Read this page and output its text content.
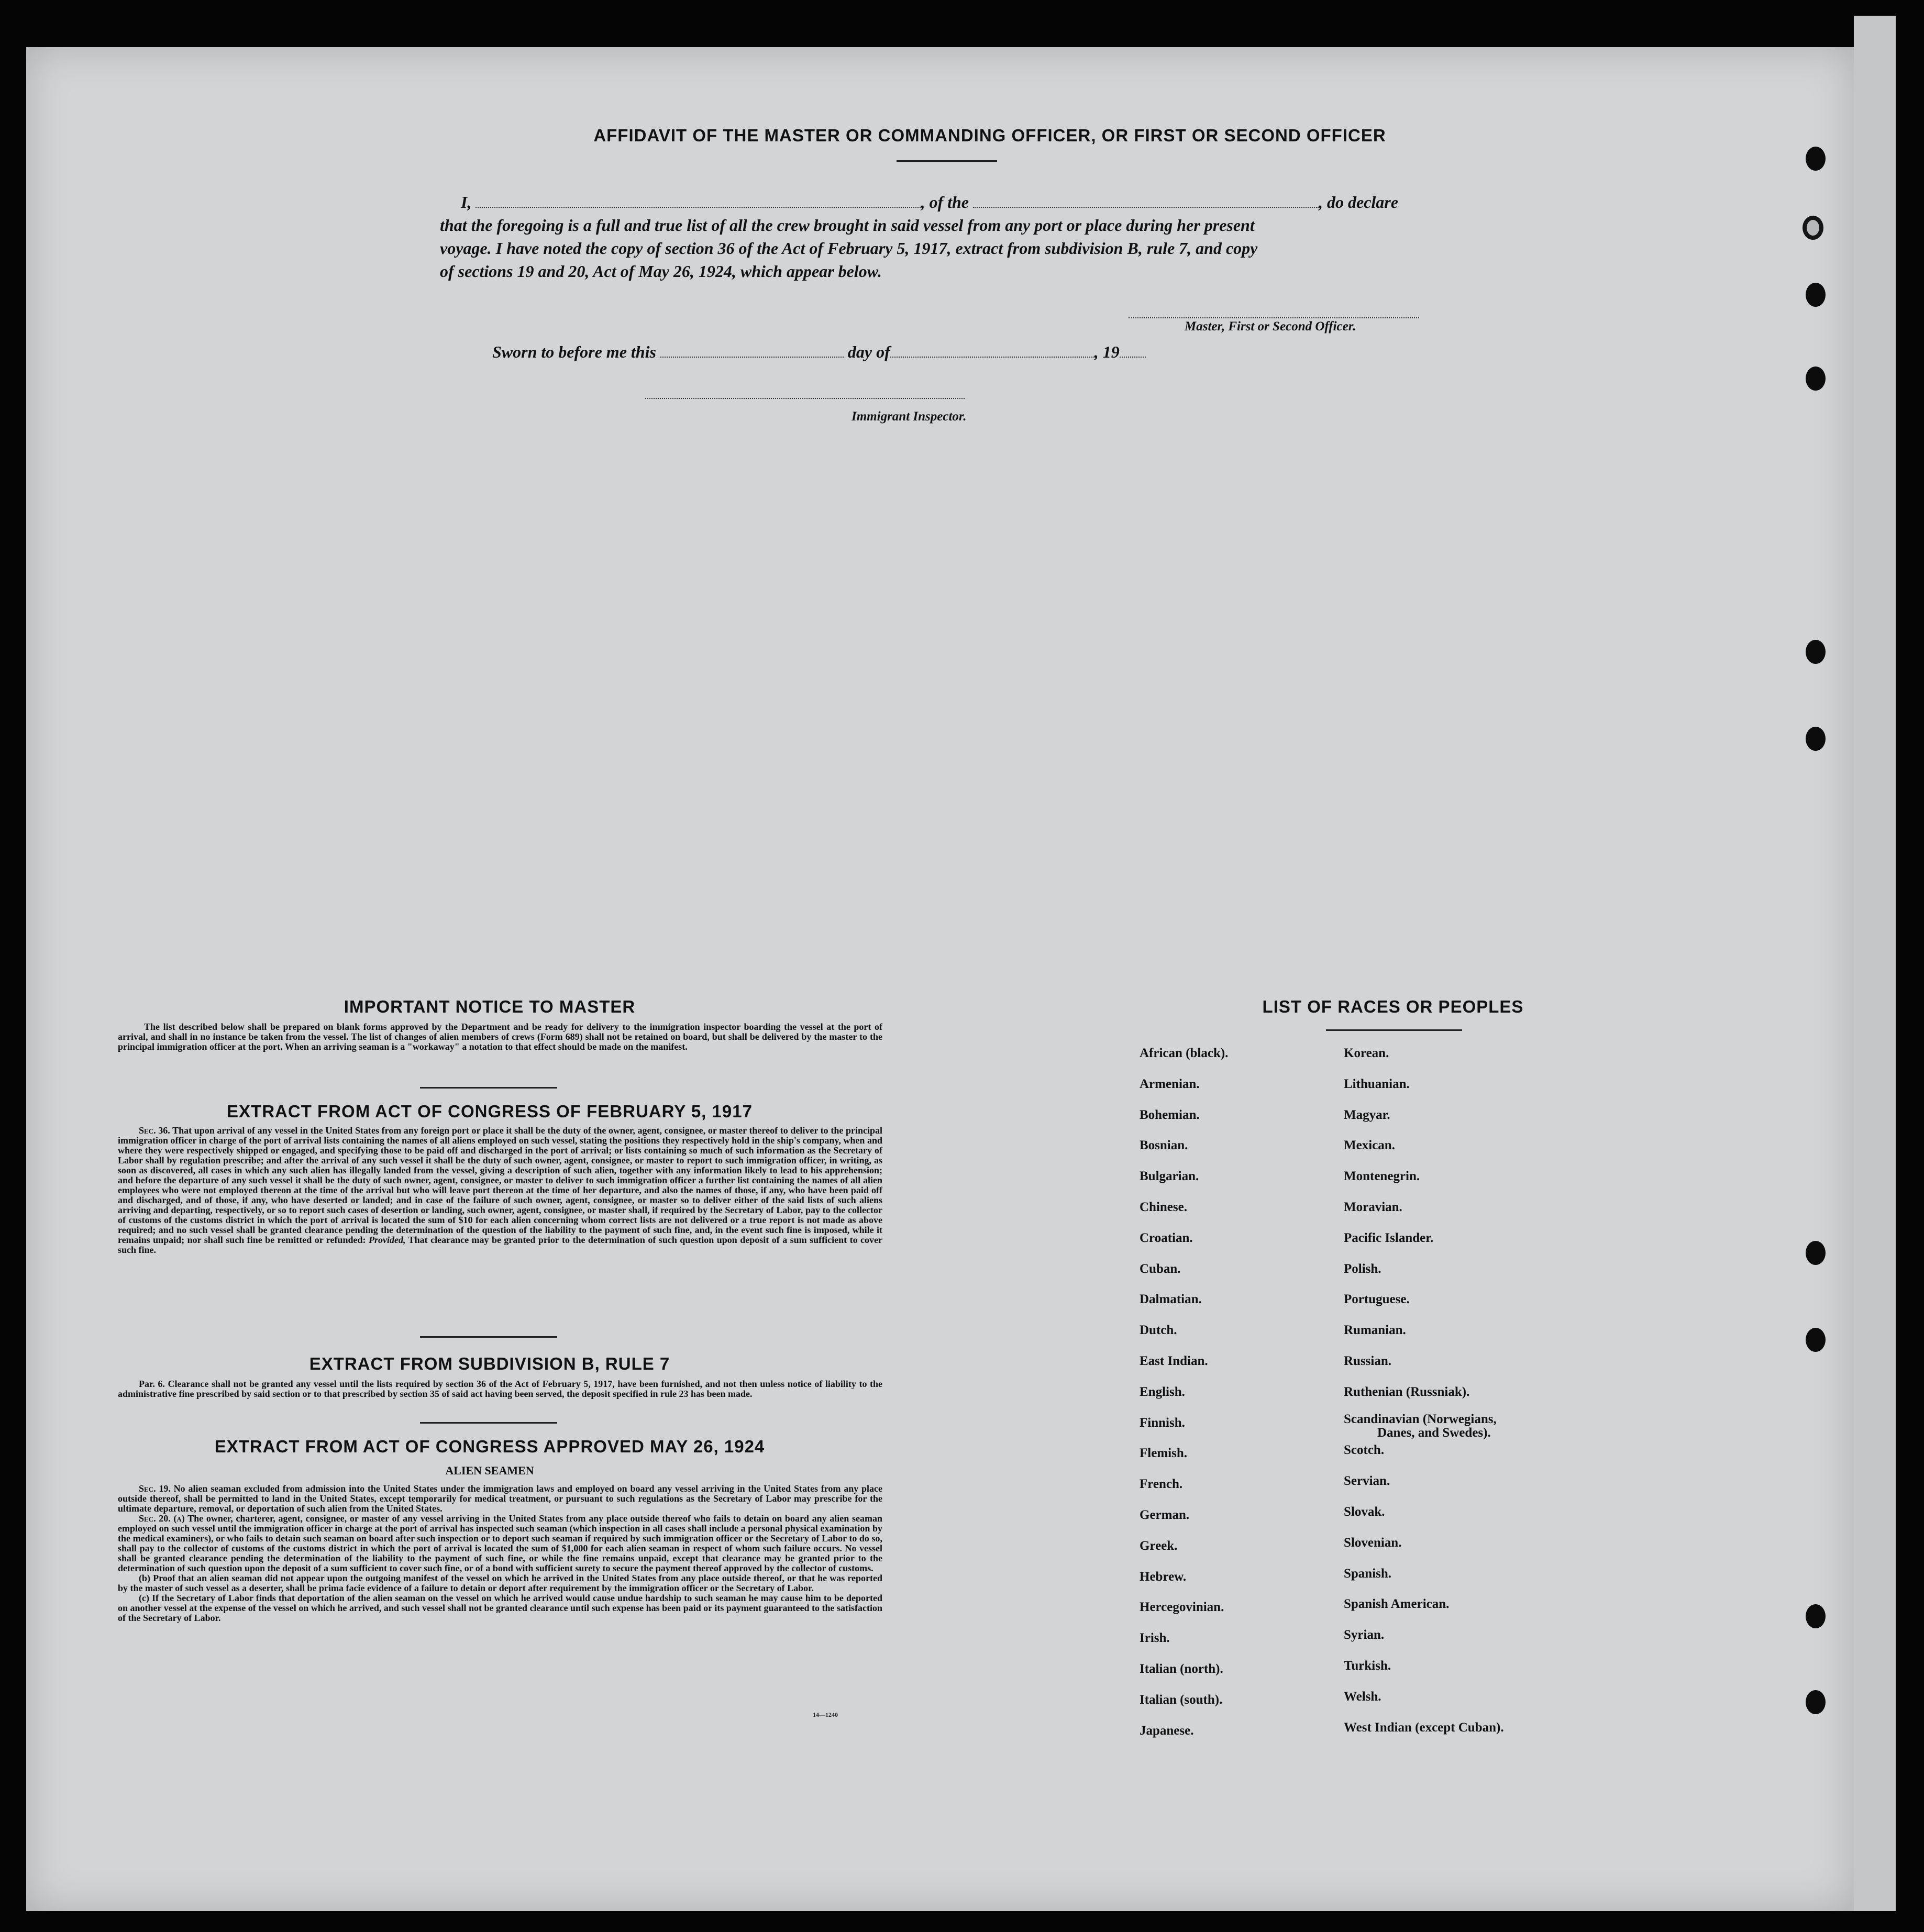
AFFIDAVIT OF THE MASTER OR COMMANDING OFFICER, OR FIRST OR SECOND OFFICER
I,	, of the	, do declare
that the foregoing is a full and true list of all the crew brought in said vessel from any port or place during her present
voyage. I have noted the copy of section 36 of the Act of February 5, 1917, extract from subdivision B, rule 7, and copy
of sections 19 and 20, Act of May 26, 1924, which appear below.
Master, First or Second Officer.
Sworn to before me this	day of	, 19
Immigrant Inspector.
IMPORTANT NOTICE TO MASTER
The list described below shall be prepared on blank forms approved by the Department and be ready for delivery to the immigration inspector boarding the vessel at the port of arrival, and shall in no instance be taken from the vessel. The list of changes of alien members of crews (Form 689) shall not be retained on board, but shall be delivered by the master to the principal immigration officer at the port. When an arriving seaman is a "workaway" a notation to that effect should be made on the manifest.
EXTRACT FROM ACT OF CONGRESS OF FEBRUARY 5, 1917
Sec. 36. That upon arrival of any vessel in the United States from any foreign port or place it shall be the duty of the owner, agent, consignee, or master thereof to deliver to the principal immigration officer in charge of the port of arrival lists containing the names of all aliens employed on such vessel, stating the positions they respectively hold in the ship's company, when and where they were respectively shipped or engaged, and specifying those to be paid off and discharged in the port of arrival; or lists containing so much of such information as the Secretary of Labor shall by regulation prescribe; and after the arrival of any such vessel it shall be the duty of such owner, agent, consignee, or master to report to such immigration officer, in writing, as soon as discovered, all cases in which any such alien has illegally landed from the vessel, giving a description of such alien, together with any information likely to lead to his apprehension; and before the departure of any such vessel it shall be the duty of such owner, agent, consignee, or master to deliver to such immigration officer a further list containing the names of all alien employees who were not employed thereon at the time of the arrival but who will leave port thereon at the time of her departure, and also the names of those, if any, who have been paid off and discharged, and of those, if any, who have deserted or landed; and in case of the failure of such owner, agent, consignee, or master so to deliver either of the said lists of such aliens arriving and departing, respectively, or so to report such cases of desertion or landing, such owner, agent, consignee, or master shall, if required by the Secretary of Labor, pay to the collector of customs of the customs district in which the port of arrival is located the sum of $10 for each alien concerning whom correct lists are not delivered or a true report is not made as above required; and no such vessel shall be granted clearance pending the determination of the question of the liability to the payment of such fine, and, in the event such fine is imposed, while it remains unpaid; nor shall such fine be remitted or refunded: Provided, That clearance may be granted prior to the determination of such question upon deposit of a sum sufficient to cover such fine.
EXTRACT FROM SUBDIVISION B, RULE 7
Par. 6. Clearance shall not be granted any vessel until the lists required by section 36 of the Act of February 5, 1917, have been furnished, and not then unless notice of liability to the administrative fine prescribed by said section or to that prescribed by section 35 of said act having been served, the deposit specified in rule 23 has been made.
EXTRACT FROM ACT OF CONGRESS APPROVED MAY 26, 1924
ALIEN SEAMEN
Sec. 19. No alien seaman excluded from admission into the United States under the immigration laws and employed on board any vessel arriving in the United States from any place outside thereof, shall be permitted to land in the United States, except temporarily for medical treatment, or pursuant to such regulations as the Secretary of Labor may prescribe for the ultimate departure, removal, or deportation of such alien from the United States.
Sec. 20. (a) The owner, charterer, agent, consignee, or master of any vessel arriving in the United States from any place outside thereof who fails to detain on board any alien seaman employed on such vessel until the immigration officer in charge at the port of arrival has inspected such seaman (which inspection in all cases shall include a personal physical examination by the medical examiners), or who fails to detain such seaman on board after such inspection or to deport such seaman if required by such immigration officer or the Secretary of Labor to do so, shall pay to the collector of customs of the customs district in which the port of arrival is located the sum of $1,000 for each alien seaman in respect of whom such failure occurs. No vessel shall be granted clearance pending the determination of the liability to the payment of such fine, or while the fine remains unpaid, except that clearance may be granted prior to the determination of such question upon the deposit of a sum sufficient to cover such fine, or of a bond with sufficient surety to secure the payment thereof approved by the collector of customs.
(b) Proof that an alien seaman did not appear upon the outgoing manifest of the vessel on which he arrived in the United States from any place outside thereof, or that he was reported by the master of such vessel as a deserter, shall be prima facie evidence of a failure to detain or deport after requirement by the immigration officer or the Secretary of Labor.
(c) If the Secretary of Labor finds that deportation of the alien seaman on the vessel on which he arrived would cause undue hardship to such seaman he may cause him to be deported on another vessel at the expense of the vessel on which he arrived, and such vessel shall not be granted clearance until such expense has been paid or its payment guaranteed to the satisfaction of the Secretary of Labor.
14—1240
LIST OF RACES OR PEOPLES
African (black).
Armenian.
Bohemian.
Bosnian.
Bulgarian.
Chinese.
Croatian.
Cuban.
Dalmatian.
Dutch.
East Indian.
English.
Finnish.
Flemish.
French.
German.
Greek.
Hebrew.
Hercegovinian.
Irish.
Italian (north).
Italian (south).
Japanese.
Korean.
Lithuanian.
Magyar.
Mexican.
Montenegrin.
Moravian.
Pacific Islander.
Polish.
Portuguese.
Rumanian.
Russian.
Ruthenian (Russniak).
Scandinavian (Norwegians,
Danes, and Swedes).
Scotch.
Servian.
Slovak.
Slovenian.
Spanish.
Spanish American.
Syrian.
Turkish.
Welsh.
West Indian (except Cuban).
